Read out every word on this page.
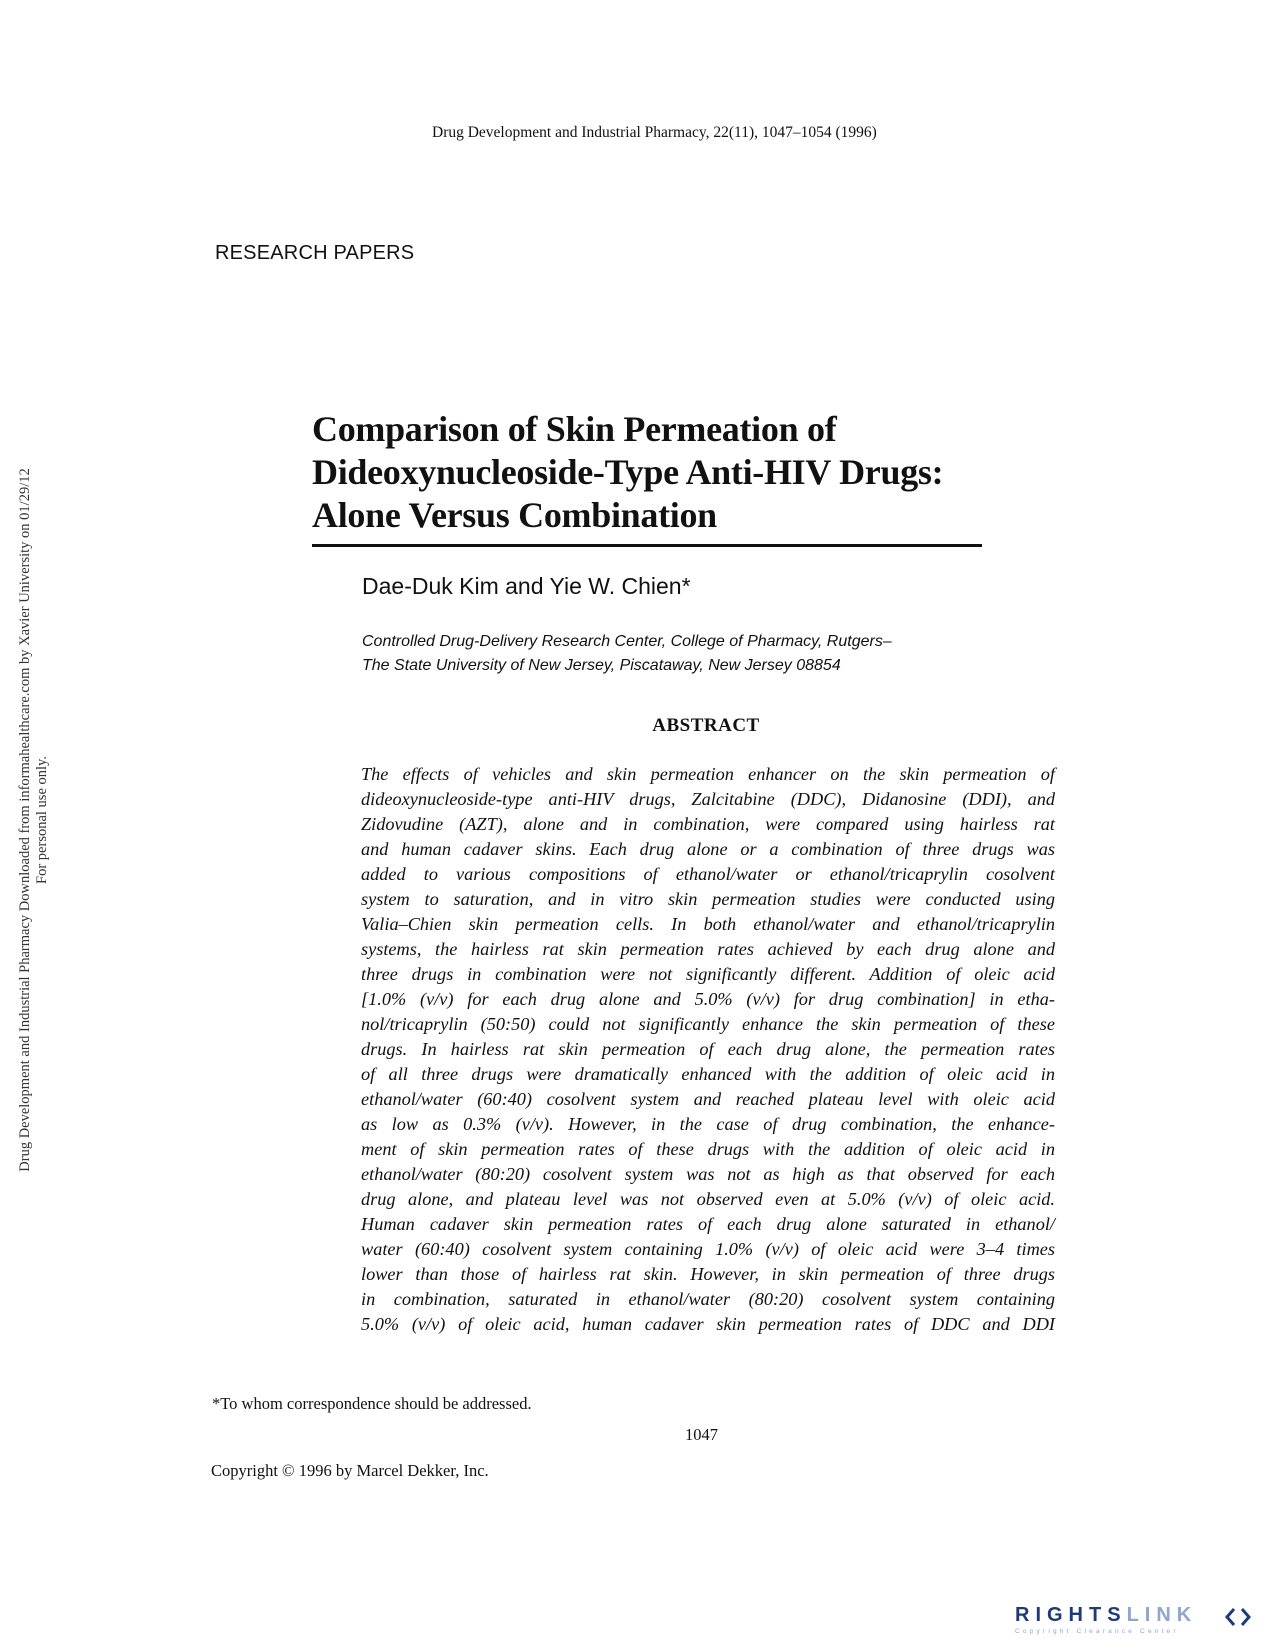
Drug Development and Industrial Pharmacy, 22(11), 1047–1054 (1996)
RESEARCH PAPERS
Comparison of Skin Permeation of
Dideoxynucleoside-Type Anti-HIV Drugs:
Alone Versus Combination
Dae-Duk Kim and Yie W. Chien*
Controlled Drug-Delivery Research Center, College of Pharmacy, Rutgers–
The State University of New Jersey, Piscataway, New Jersey 08854
ABSTRACT
The effects of vehicles and skin permeation enhancer on the skin permeation of
dideoxynucleoside-type anti-HIV drugs, Zalcitabine (DDC), Didanosine (DDI), and
Zidovudine (AZT), alone and in combination, were compared using hairless rat
and human cadaver skins. Each drug alone or a combination of three drugs was
added to various compositions of ethanol/water or ethanol/tricaprylin cosolvent
system to saturation, and in vitro skin permeation studies were conducted using
Valia–Chien skin permeation cells. In both ethanol/water and ethanol/tricaprylin
systems, the hairless rat skin permeation rates achieved by each drug alone and
three drugs in combination were not significantly different. Addition of oleic acid
[1.0% (v/v) for each drug alone and 5.0% (v/v) for drug combination] in etha-
nol/tricaprylin (50:50) could not significantly enhance the skin permeation of these
drugs. In hairless rat skin permeation of each drug alone, the permeation rates
of all three drugs were dramatically enhanced with the addition of oleic acid in
ethanol/water (60:40) cosolvent system and reached plateau level with oleic acid
as low as 0.3% (v/v). However, in the case of drug combination, the enhance-
ment of skin permeation rates of these drugs with the addition of oleic acid in
ethanol/water (80:20) cosolvent system was not as high as that observed for each
drug alone, and plateau level was not observed even at 5.0% (v/v) of oleic acid.
Human cadaver skin permeation rates of each drug alone saturated in ethanol/
water (60:40) cosolvent system containing 1.0% (v/v) of oleic acid were 3–4 times
lower than those of hairless rat skin. However, in skin permeation of three drugs
in combination, saturated in ethanol/water (80:20) cosolvent system containing
5.0% (v/v) of oleic acid, human cadaver skin permeation rates of DDC and DDI
*To whom correspondence should be addressed.
1047
Copyright © 1996 by Marcel Dekker, Inc.
Drug Development and Industrial Pharmacy Downloaded from informahealthcare.com by Xavier University on 01/29/12 For personal use only.
RIGHTSLINK
Copyright Clearance Center
